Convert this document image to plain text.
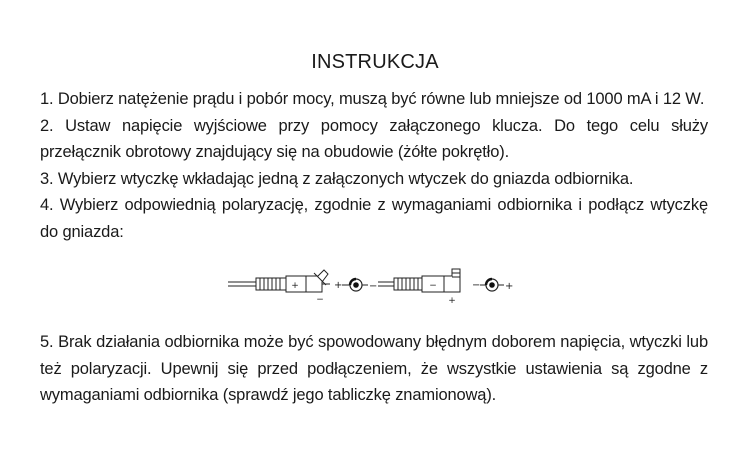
INSTRUKCJA

1. Dobierz natężenie prądu i pobór mocy, muszą być równe lub mniejsze od 1000 mA i 12 W.

2. Ustaw napięcie wyjściowe przy pomocy załączonego klucza. Do tego celu służy przełącznik obrotowy znajdujący się na obudowie (żółte pokrętło).

3. Wybierz wtyczkę wkładając jedną z załączonych wtyczek do gniazda odbiornika.

4. Wybierz odpowiednią polaryzację, zgodnie z wymaganiami odbiornika i podłącz wtyczkę do gniazda:

+
−
+	−	−
+
− +

5. Brak działania odbiornika może być spowodowany błędnym doborem napięcia, wtyczki lub też polaryzacji. Upewnij się przed podłączeniem, że wszystkie ustawienia są zgodne z wymaganiami odbiornika (sprawdź jego tabliczkę znamionową).
